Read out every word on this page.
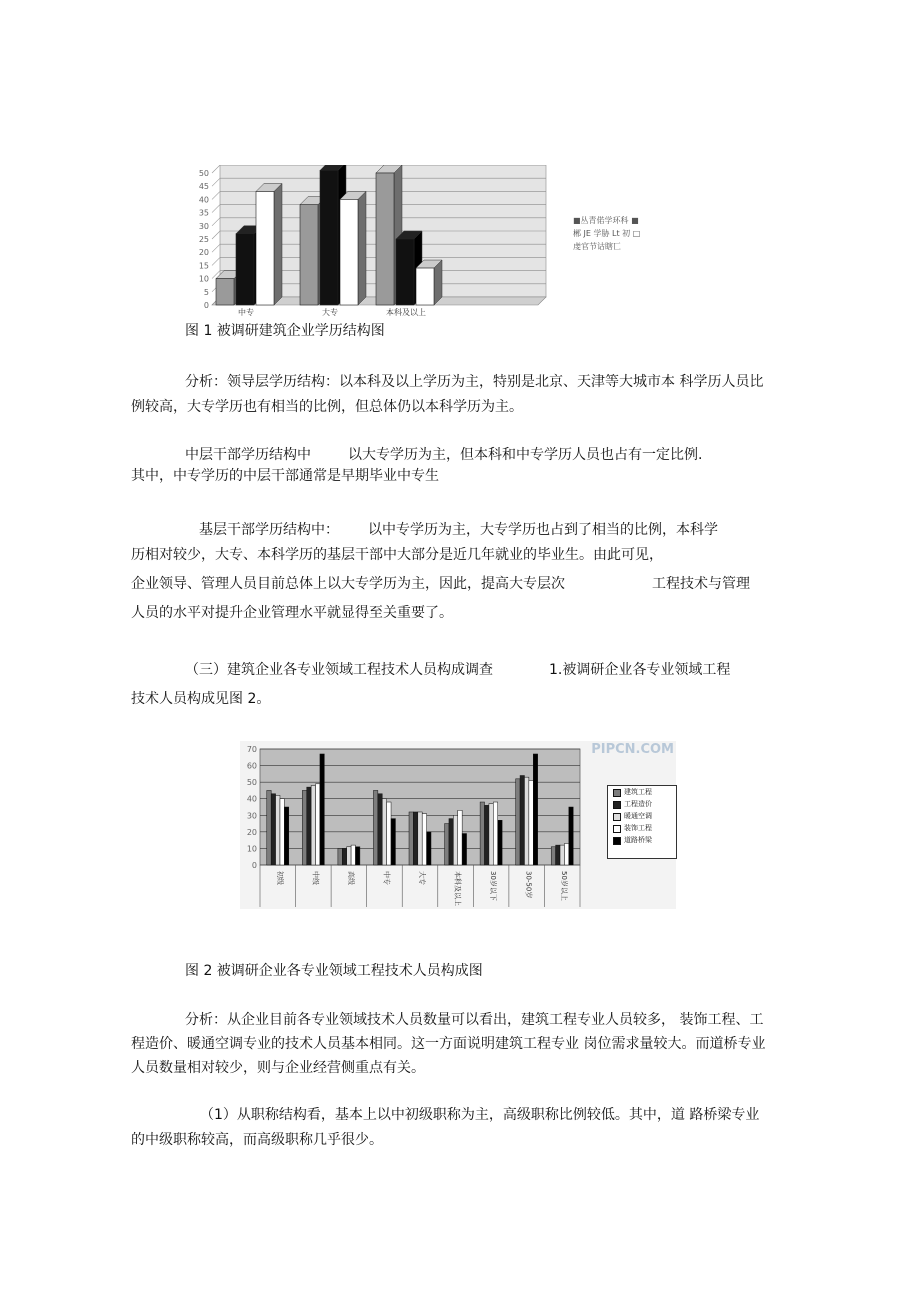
0
5
10
15
20
25
30
35
40
45
50
中专	大专	本科及以上
■丛青偌学环科 ■
郴 JE 学胁 Lt 初 □
虔官节诂瞎匸
图 1 被调研建筑企业学历结构图
分析：领导层学历结构：以本科及以上学历为主，特别是北京、天津等大城市本 科学历人员比
例较高，大专学历也有相当的比例，但总体仍以本科学历为主。
中层干部学历结构中	以大专学历为主，但本科和中专学历人员也占有一定比例.
其中，中专学历的中层干部通常是早期毕业中专生
基层干部学历结构中： 以中专学历为主，大专学历也占到了相当的比例，本科学
历相对较少，大专、本科学历的基层干部中大部分是近几年就业的毕业生。由此可见，
企业领导、管理人员目前总体上以大专学历为主，因此，提高大专层次	工程技术与管理
人员的水平对提升企业管理水平就显得至关重要了。
（三）建筑企业各专业领域工程技术人员构成调查	1.被调研企业各专业领域工程
技术人员构成见图 2。
PIPCN.COM
0
10
20
30
40
50
60
70
初级	中级	高级	中专	大专	本科及以上	30岁以下	30-50岁	50岁以上
建筑工程
工程造价
暖通空调
装饰工程
道路桥梁
图 2 被调研企业各专业领域工程技术人员构成图
分析：从企业目前各专业领域技术人员数量可以看出，建筑工程专业人员较多， 装饰工程、工
程造价、暖通空调专业的技术人员基本相同。这一方面说明建筑工程专业 岗位需求量较大。而道桥专业
人员数量相对较少，则与企业经营侧重点有关。
（1）从职称结构看，基本上以中初级职称为主，高级职称比例较低。其中，道 路桥梁专业
的中级职称较高，而高级职称几乎很少。
